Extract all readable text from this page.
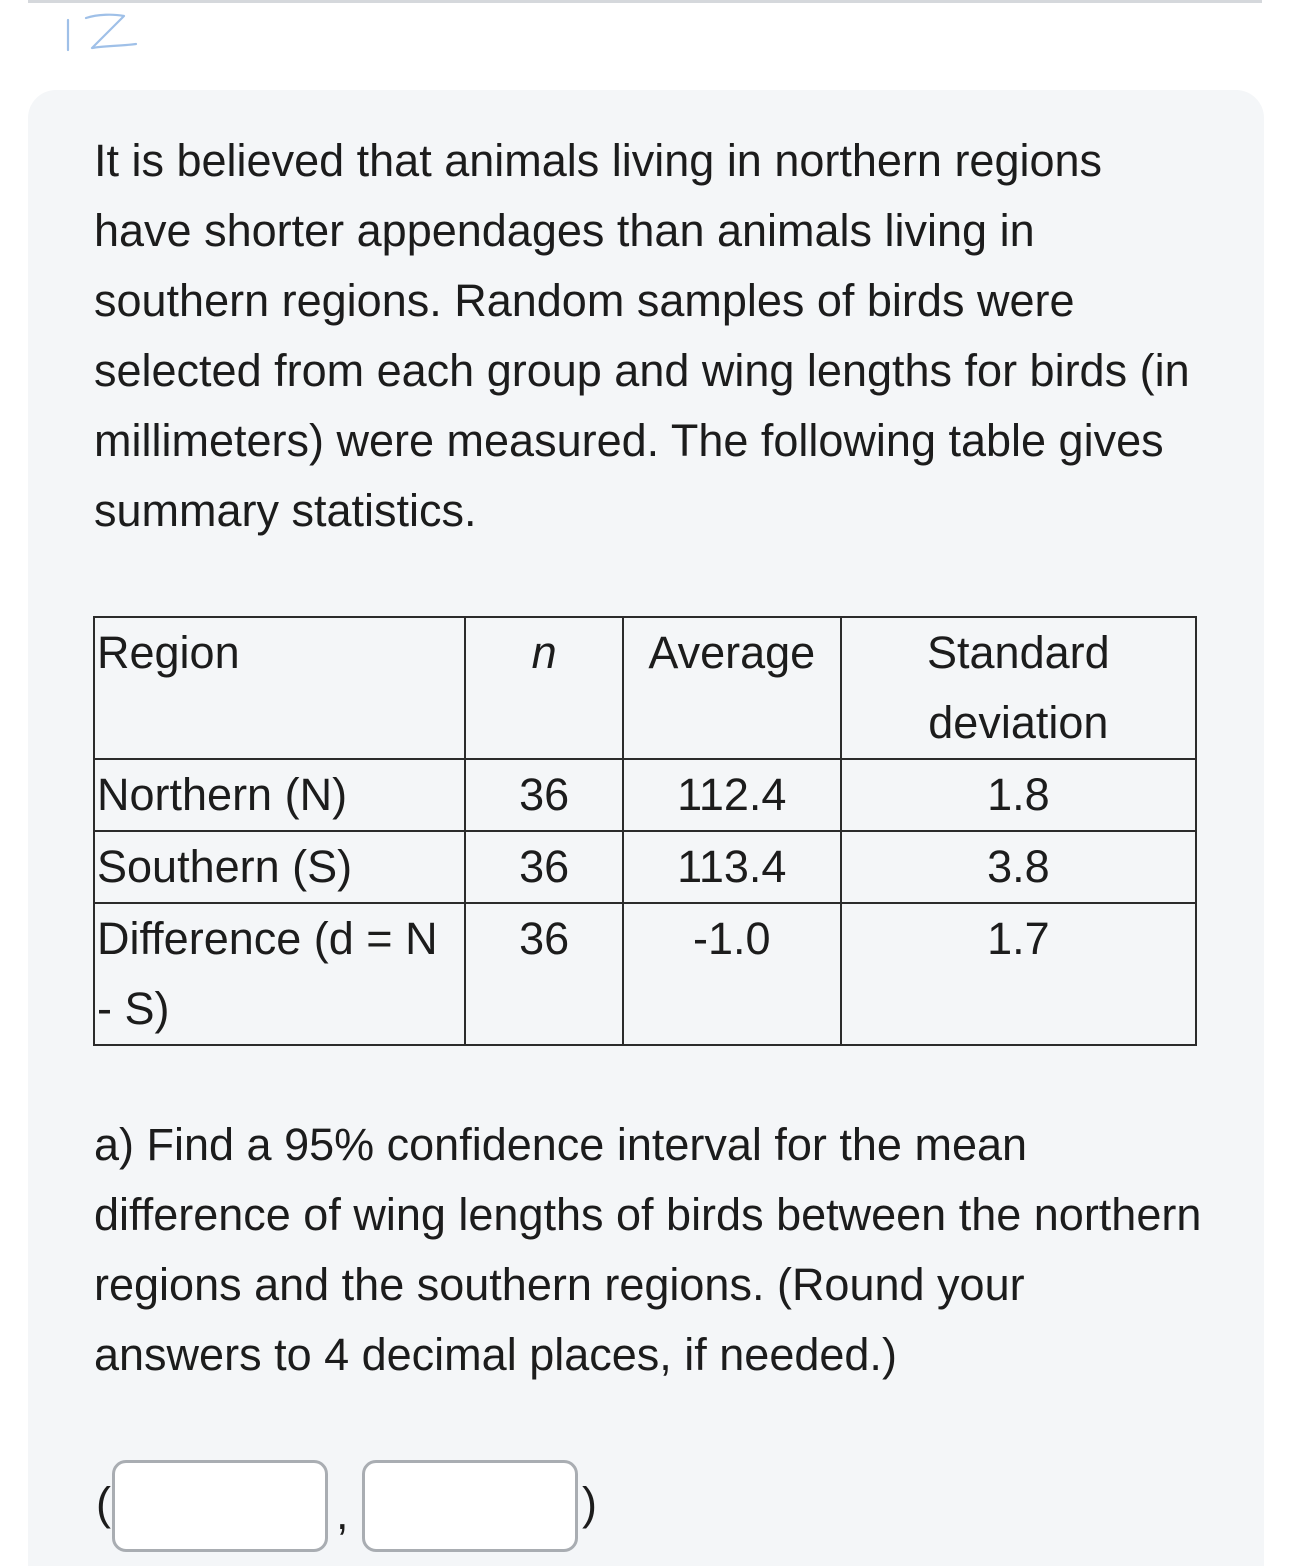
It is believed that animals living in northern regions have shorter appendages than animals living in southern regions. Random samples of birds were selected from each group and wing lengths for birds (in millimeters) were measured. The following table gives summary statistics.

Region	n	Average	Standard deviation

Northern (N)	36	112.4	1.8

Southern (S)	36	113.4	3.8

Difference (d = N - S)	36	-1.0	1.7

a) Find a 95% confidence interval for the mean difference of wing lengths of birds between the northern regions and the southern regions. (Round your answers to 4 decimal places, if needed.)

(	,	)
